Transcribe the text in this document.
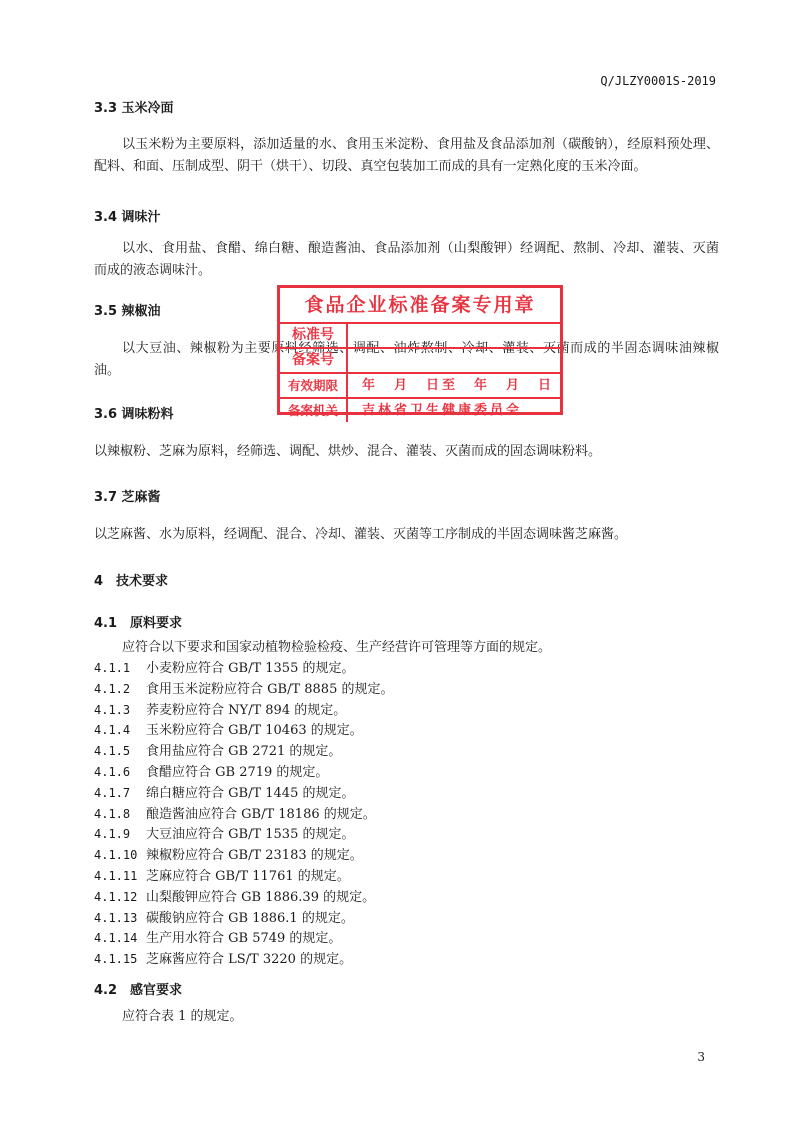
Q/JLZY0001S-2019
3.3 玉米冷面
以玉米粉为主要原料，添加适量的水、食用玉米淀粉、食用盐及食品添加剂（碳酸钠），经原料预处理、配料、和面、压制成型、阴干（烘干）、切段、真空包装加工而成的具有一定熟化度的玉米冷面。
3.4 调味汁
以水、食用盐、食醋、绵白糖、酿造酱油、食品添加剂（山梨酸钾）经调配、熬制、冷却、灌装、灭菌而成的液态调味汁。
3.5 辣椒油
以大豆油、辣椒粉为主要原料经筛选、调配、油炸熬制、冷却、灌装、灭菌而成的半固态调味油辣椒油。
3.6 调味粉料
以辣椒粉、芝麻为原料，经筛选、调配、烘炒、混合、灌装、灭菌而成的固态调味粉料。
3.7 芝麻酱
以芝麻酱、水为原料，经调配、混合、冷却、灌装、灭菌等工序制成的半固态调味酱芝麻酱。
4　技术要求
4.1　原料要求
应符合以下要求和国家动植物检验检疫、生产经营许可管理等方面的规定。
4.1.1 小麦粉应符合 GB/T 1355 的规定。
4.1.2 食用玉米淀粉应符合 GB/T 8885 的规定。
4.1.3 荞麦粉应符合 NY/T 894 的规定。
4.1.4 玉米粉应符合 GB/T 10463 的规定。
4.1.5 食用盐应符合 GB 2721 的规定。
4.1.6 食醋应符合 GB 2719 的规定。
4.1.7 绵白糖应符合 GB/T 1445 的规定。
4.1.8 酿造酱油应符合 GB/T 18186 的规定。
4.1.9 大豆油应符合 GB/T 1535 的规定。
4.1.10 辣椒粉应符合 GB/T 23183 的规定。
4.1.11 芝麻应符合 GB/T 11761 的规定。
4.1.12 山梨酸钾应符合 GB 1886.39 的规定。
4.1.13 碳酸钠应符合 GB 1886.1 的规定。
4.1.14 生产用水符合 GB 5749 的规定。
4.1.15 芝麻酱应符合 LS/T 3220 的规定。
4.2　感官要求
应符合表 1 的规定。
食品企业标准备案专用章
标准号
备案号
有效期限	年　月　日至　年　月　日
备案机关	吉林省卫生健康委员会
3
